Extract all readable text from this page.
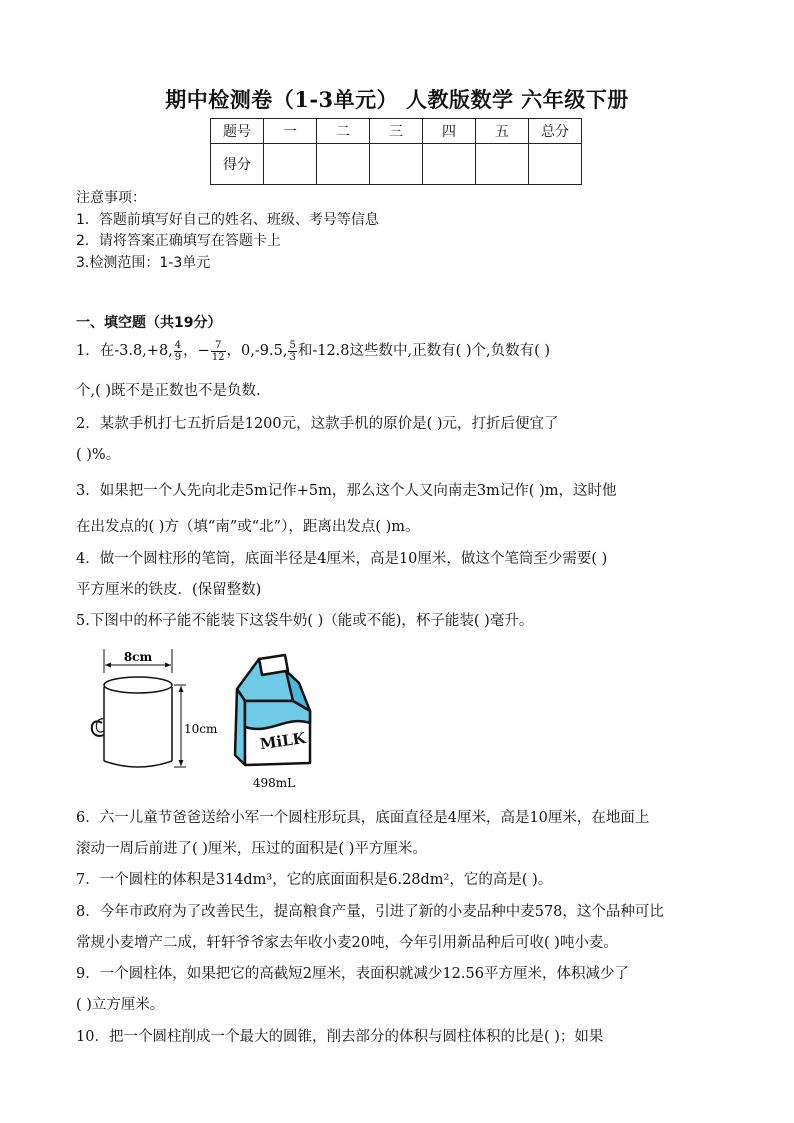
期中检测卷（1-3单元） 人教版数学 六年级下册
题号	一	二	三	四	五	总分
得分						
注意事项：
1．答题前填写好自己的姓名、班级、考号等信息
2．请将答案正确填写在答题卡上
3.检测范围：1-3单元
一、填空题（共19分）
1．在-3.8,+8, $\frac{4}{9}$ ，− $\frac{7}{12}$ ，0,-9.5, $\frac{5}{3}$ 和-12.8这些数中,正数有( )个,负数有( )
个,( )既不是正数也不是负数.
2．某款手机打七五折后是1200元，这款手机的原价是( )元，打折后便宜了
( )%。
3．如果把一个人先向北走5m记作+5m，那么这个人又向南走3m记作( )m，这时他
在出发点的( )方（填“南”或“北”），距离出发点( )m。
4．做一个圆柱形的笔筒，底面半径是4厘米，高是10厘米，做这个笔筒至少需要( )
平方厘米的铁皮．(保留整数)
5.下图中的杯子能不能装下这袋牛奶( )（能或不能)，杯子能装( )毫升。
8cm
10cm	MiLK
498mL
6．六一儿童节爸爸送给小军一个圆柱形玩具，底面直径是4厘米，高是10厘米，在地面上
滚动一周后前进了( )厘米，压过的面积是( )平方厘米。
7．一个圆柱的体积是314dm³，它的底面面积是6.28dm²，它的高是( )。
8．今年市政府为了改善民生，提高粮食产量，引进了新的小麦品种中麦578，这个品种可比
常规小麦增产二成，轩轩爷爷家去年收小麦20吨，今年引用新品种后可收( )吨小麦。
9．一个圆柱体，如果把它的高截短2厘米，表面积就减少12.56平方厘米，体积减少了
( )立方厘米。
10．把一个圆柱削成一个最大的圆锥，削去部分的体积与圆柱体积的比是( )；如果
